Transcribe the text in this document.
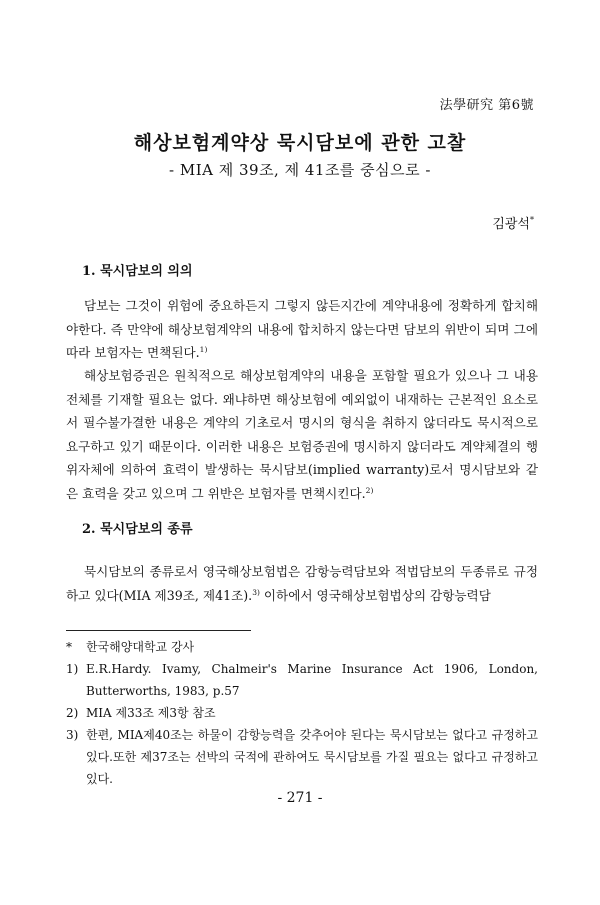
法學研究 第6號
해상보험계약상 묵시담보에 관한 고찰
- MIA 제 39조, 제 41조를 중심으로 -
김광석*
1. 묵시담보의 의의
담보는 그것이 위험에 중요하든지 그렇지 않든지간에 계약내용에 정확하게 합치해야한다. 즉 만약에 해상보험계약의 내용에 합치하지 않는다면 담보의 위반이 되며 그에 따라 보험자는 면책된다.$^{1)}$
해상보험증권은 원칙적으로 해상보험계약의 내용을 포함할 필요가 있으나 그 내용전체를 기재할 필요는 없다. 왜냐하면 해상보험에 예외없이 내재하는 근본적인 요소로서 필수불가결한 내용은 계약의 기초로서 명시의 형식을 취하지 않더라도 묵시적으로 요구하고 있기 때문이다. 이러한 내용은 보험증권에 명시하지 않더라도 계약체결의 행위자체에 의하여 효력이 발생하는 묵시담보(implied warranty)로서 명시담보와 같은 효력을 갖고 있으며 그 위반은 보험자를 면책시킨다.$^{2)}$
2. 묵시담보의 종류
묵시담보의 종류로서 영국해상보험법은 감항능력담보와 적법담보의 두종류로 규정하고 있다(MIA 제39조, 제41조).$^{3)}$ 이하에서 영국해상보험법상의 감항능력담
*	한국해양대학교 강사
1) E.R.Hardy. Ivamy, Chalmeir's Marine Insurance Act 1906, London, Butterworths, 1983, p.57
2) MIA 제33조 제3항 참조
3) 한편, MIA제40조는 하물이 감항능력을 갖추어야 된다는 묵시담보는 없다고 규정하고 있다.또한 제37조는 선박의 국적에 관하여도 묵시담보를 가질 필요는 없다고 규정하고 있다.
- 271 -
